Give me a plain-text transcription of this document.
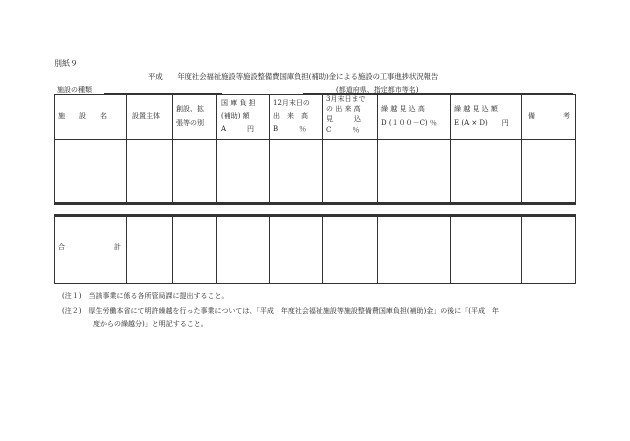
別紙９
平成　　年度社会福祉施設等施設整備費国庫負担(補助)金による施設の工事進捗状況報告
施設の種類	(都道府県、指定都市等名)
施　　設　　名	設置主体
創設、拡
張等の別
国 庫 負 担
(補助) 額
A　　　円
12月末日の
出　来　高
B　　　％
3月末日まで
の 出 来 高
見　　　込
C　　　％
繰 越 見 込 高
D (１００－C) ％
繰 越 見 込 額
E (A × D)　　円
備　　　　考
合　　　　　　　計
(注１)　当該事業に係る各所管局課に提出すること。
(注２)　厚生労働本省にて明許繰越を行った事業については、「平成　年度社会福祉施設等施設整備費国庫負担(補助)金」の後に「(平成　年
度からの繰越分)」と明記すること。
